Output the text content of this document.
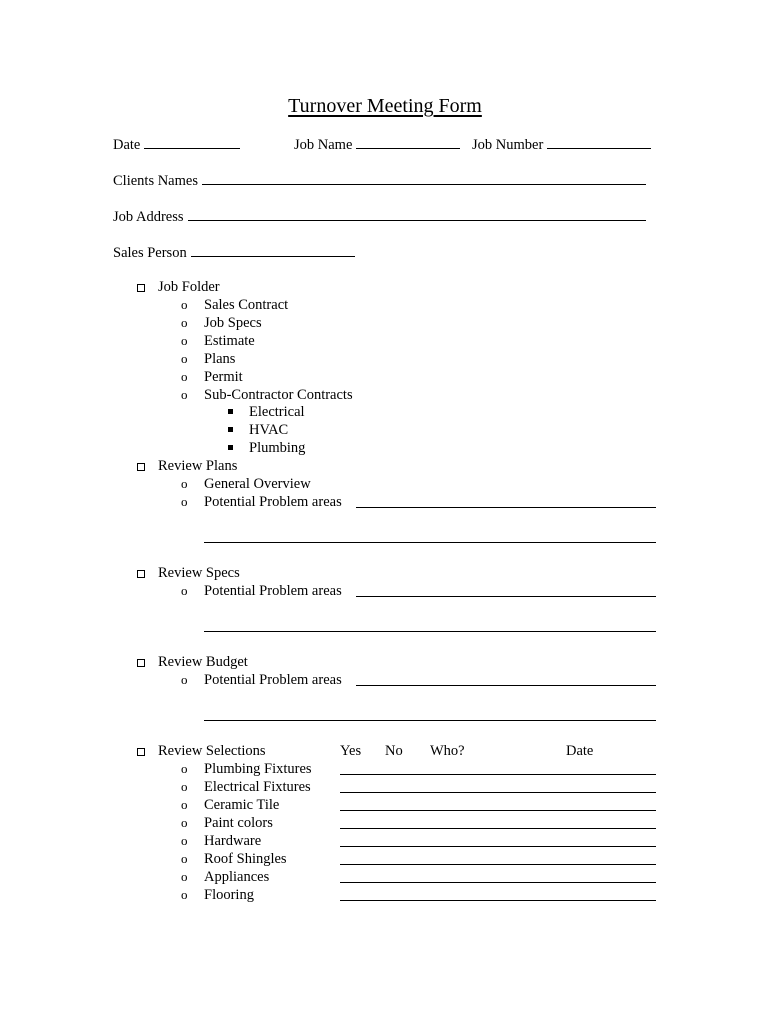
Turnover Meeting Form
Date	Job Name	Job Number
Clients Names
Job Address
Sales Person
Job Folder
o Sales Contract
o Job Specs
o Estimate
o Plans
o Permit
o Sub-Contractor Contracts
Electrical
HVAC
Plumbing
Review Plans
o General Overview
o Potential Problem areas
Review Specs
o Potential Problem areas
Review Budget
o Potential Problem areas
Review Selections	Yes No Who?	Date
o Plumbing Fixtures
o Electrical Fixtures
o Ceramic Tile
o Paint colors
o Hardware
o Roof Shingles
o Appliances
o Flooring
